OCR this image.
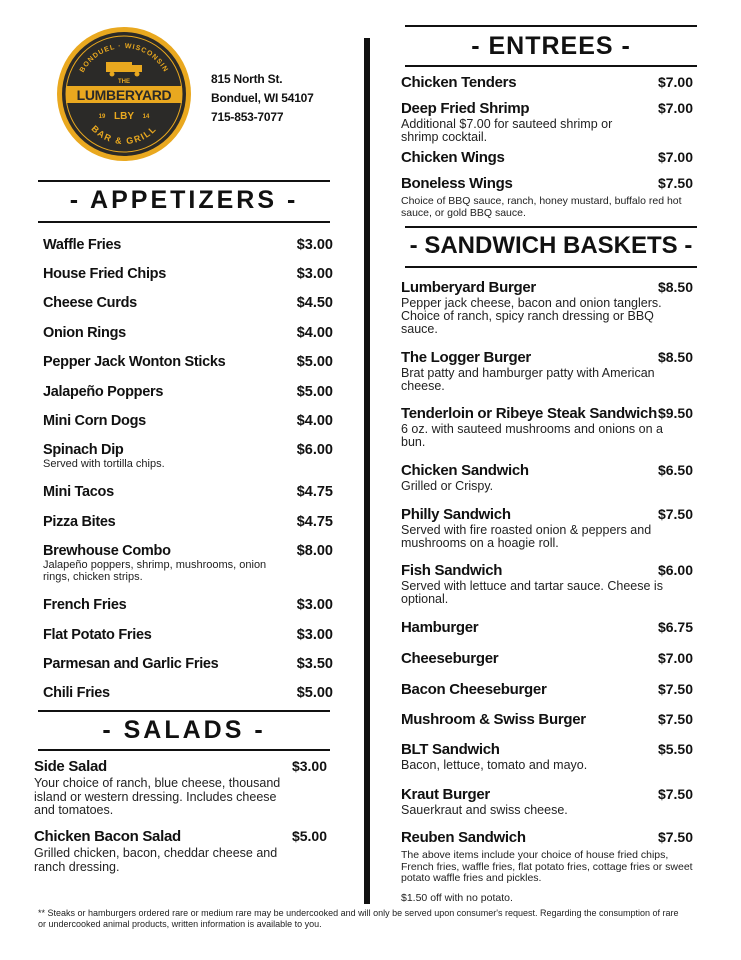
BONDUEL · WISCONSIN
THE
LUMBERYARD
19 LBY 14
BAR & GRILL
815 North St.
Bonduel, WI 54107
715-853-7077
- APPETIZERS -
Waffle Fries	$3.00
House Fried Chips	$3.00
Cheese Curds	$4.50
Onion Rings	$4.00
Pepper Jack Wonton Sticks	$5.00
Jalapeño Poppers	$5.00
Mini Corn Dogs	$4.00
Spinach Dip	$6.00
Served with tortilla chips.
Mini Tacos	$4.75
Pizza Bites	$4.75
Brewhouse Combo	$8.00
Jalapeño poppers, shrimp, mushrooms, onion rings, chicken strips.
French Fries	$3.00
Flat Potato Fries	$3.00
Parmesan and Garlic Fries	$3.50
Chili Fries	$5.00
- SALADS -
Side Salad	$3.00
Your choice of ranch, blue cheese, thousand island or western dressing. Includes cheese and tomatoes.
Chicken Bacon Salad	$5.00
Grilled chicken, bacon, cheddar cheese and ranch dressing.
- ENTREES -
Chicken Tenders	$7.00
Deep Fried Shrimp	$7.00
Additional $7.00 for sauteed shrimp or shrimp cocktail.
Chicken Wings	$7.00
Boneless Wings	$7.50
Choice of BBQ sauce, ranch, honey mustard, buffalo red hot sauce, or gold BBQ sauce.
- SANDWICH BASKETS -
Lumberyard Burger	$8.50
Pepper jack cheese, bacon and onion tanglers. Choice of ranch, spicy ranch dressing or BBQ sauce.
The Logger Burger	$8.50
Brat patty and hamburger patty with American cheese.
Tenderloin or Ribeye Steak Sandwich $9.50
6 oz. with sauteed mushrooms and onions on a bun.
Chicken Sandwich	$6.50
Grilled or Crispy.
Philly Sandwich	$7.50
Served with fire roasted onion & peppers and mushrooms on a hoagie roll.
Fish Sandwich	$6.00
Served with lettuce and tartar sauce. Cheese is optional.
Hamburger	$6.75
Cheeseburger	$7.00
Bacon Cheeseburger	$7.50
Mushroom & Swiss Burger	$7.50
BLT Sandwich	$5.50
Bacon, lettuce, tomato and mayo.
Kraut Burger	$7.50
Sauerkraut and swiss cheese.
Reuben Sandwich	$7.50
The above items include your choice of house fried chips, French fries, waffle fries, flat potato fries, cottage fries or sweet potato waffle fries and pickles.
$1.50 off with no potato.
** Steaks or hamburgers ordered rare or medium rare may be undercooked and will only be served upon consumer's request. Regarding the consumption of rare or undercooked animal products, written information is available to you.
